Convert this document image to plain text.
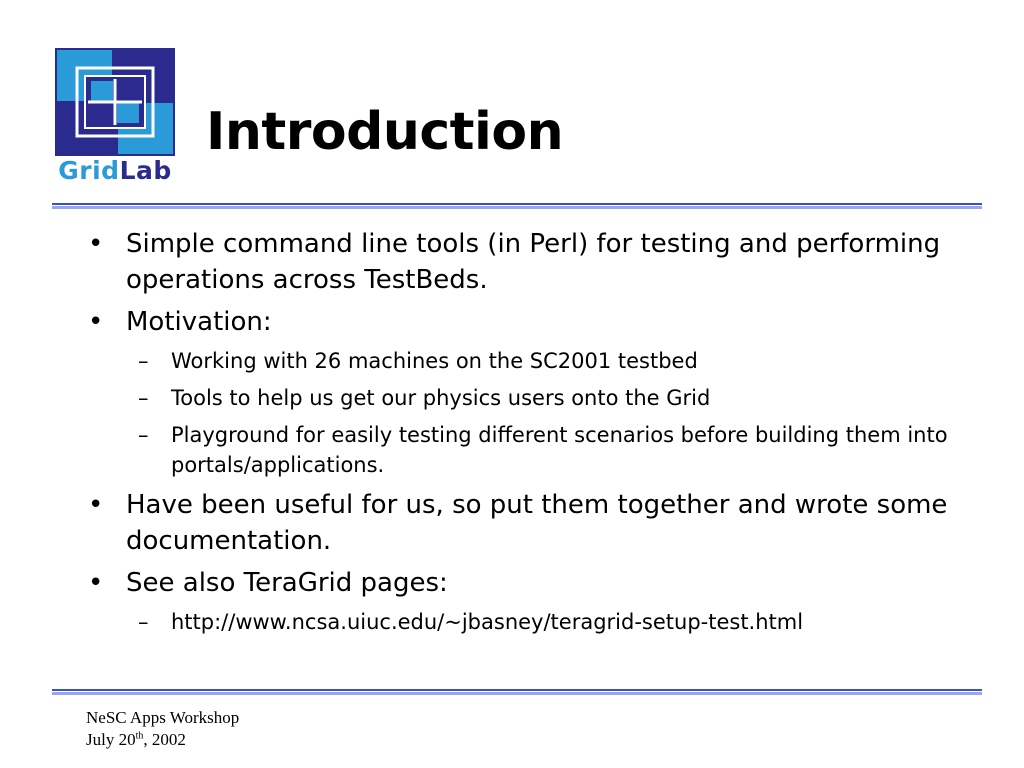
GridLab
Introduction
• Simple command line tools (in Perl) for testing and performing operations across TestBeds.
• Motivation:
– Working with 26 machines on the SC2001 testbed
– Tools to help us get our physics users onto the Grid
– Playground for easily testing different scenarios before building them into portals/applications.
• Have been useful for us, so put them together and wrote some documentation.
• See also TeraGrid pages:
– http://www.ncsa.uiuc.edu/~jbasney/teragrid-setup-test.html
NeSC Apps Workshop
July 20th, 2002
